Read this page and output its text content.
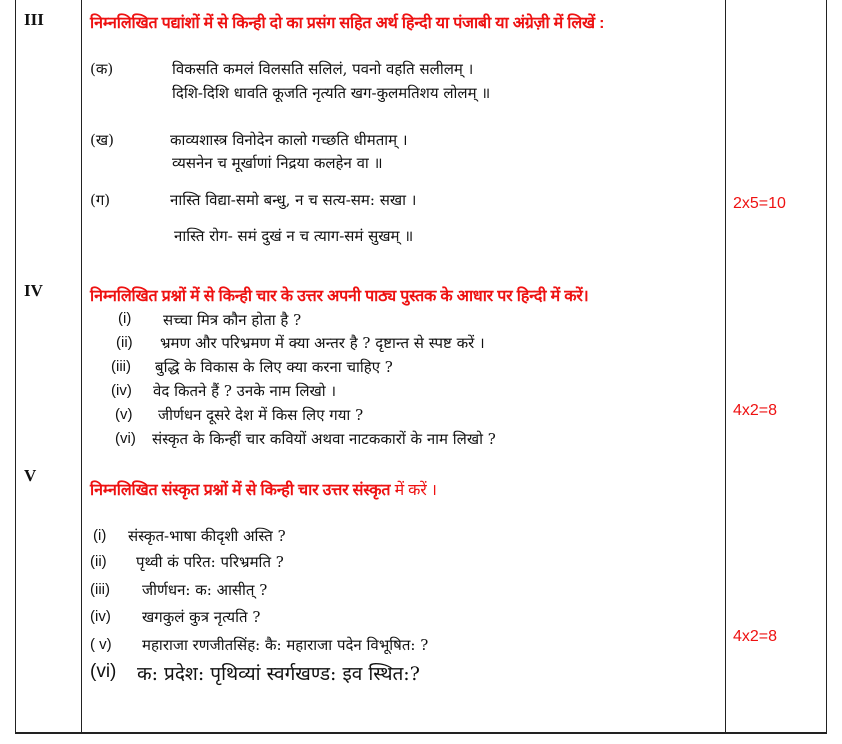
III	निम्नलिखित पद्यांशों में से किन्ही दो का प्रसंग सहित अर्थ हिन्दी या पंजाबी या अंग्रेज़ी में लिखें :
(क)	विकसति कमलं विलसति सलिलं, पवनो वहति सलीलम् ।
दिशि-दिशि धावति कूजति नृत्यति खग-कुलमतिशय लोलम् ॥
(ख)	काव्यशास्त्र विनोदेन कालो गच्छति धीमताम् ।
व्यसनेन च मूर्खाणां निद्रया कलहेन वा ॥
(ग)	नास्ति विद्या-समो बन्धु, न च सत्य-सम: सखा ।
नास्ति रोग- समं दुखं न च त्याग-समं सुखम् ॥
2x5=10
IV	निम्नलिखित प्रश्नों में से किन्ही चार के उत्तर अपनी पाठ्य पुस्तक के आधार पर हिन्दी में करें।
(i) सच्चा मित्र कौन होता है ?
(ii) भ्रमण और परिभ्रमण में क्या अन्तर है ? दृष्टान्त से स्पष्ट करें ।
(iii) बुद्धि के विकास के लिए क्या करना चाहिए ?
(iv) वेद कितने हैं ? उनके नाम लिखो ।
(v) जीर्णधन दूसरे देश में किस लिए गया ?
(vi) संस्कृत के किन्हीं चार कवियों अथवा नाटककारों के नाम लिखो ?
4x2=8
V
निम्नलिखित संस्कृत प्रश्नों में से किन्ही चार उत्तर संस्कृत में करें ।
(i) संस्कृत-भाषा कीदृशी अस्ति ?
(ii) पृथ्वी कं परित: परिभ्रमति ?
(iii) जीर्णधन: क: आसीत् ?
(iv) खगकुलं कुत्र नृत्यति ?
( v) महाराजा रणजीतसिंह: कै: महाराजा पदेन विभूषित: ?
(vi) क: प्रदेश: पृथिव्यां स्वर्गखण्ड: इव स्थित:?
4x2=8
